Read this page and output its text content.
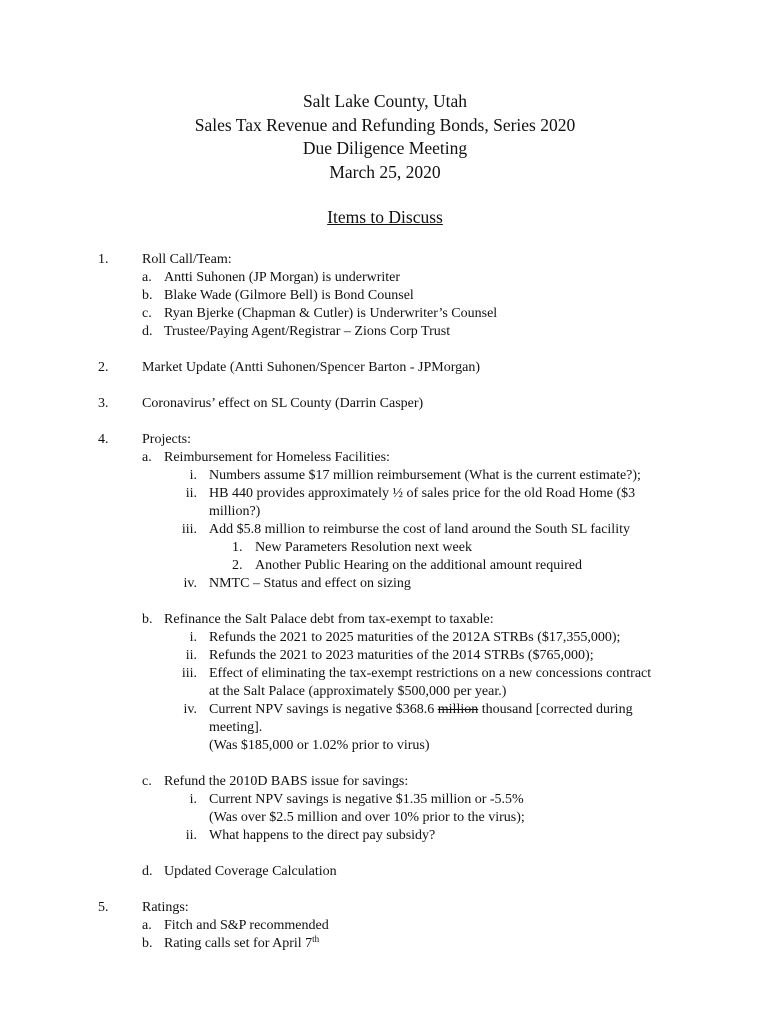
Salt Lake County, Utah
Sales Tax Revenue and Refunding Bonds, Series 2020
Due Diligence Meeting
March 25, 2020
Items to Discuss
1. Roll Call/Team:
a. Antti Suhonen (JP Morgan) is underwriter
b. Blake Wade (Gilmore Bell) is Bond Counsel
c. Ryan Bjerke (Chapman & Cutler) is Underwriter’s Counsel
d. Trustee/Paying Agent/Registrar – Zions Corp Trust
2. Market Update (Antti Suhonen/Spencer Barton - JPMorgan)
3. Coronavirus’ effect on SL County (Darrin Casper)
4. Projects:
a. Reimbursement for Homeless Facilities:
i. Numbers assume $17 million reimbursement (What is the current estimate?);
ii. HB 440 provides approximately ½ of sales price for the old Road Home ($3
million?)
iii. Add $5.8 million to reimburse the cost of land around the South SL facility
1. New Parameters Resolution next week
2. Another Public Hearing on the additional amount required
iv. NMTC – Status and effect on sizing
b. Refinance the Salt Palace debt from tax-exempt to taxable:
i. Refunds the 2021 to 2025 maturities of the 2012A STRBs ($17,355,000);
ii. Refunds the 2021 to 2023 maturities of the 2014 STRBs ($765,000);
iii. Effect of eliminating the tax-exempt restrictions on a new concessions contract
at the Salt Palace (approximately $500,000 per year.)
iv. Current NPV savings is negative $368.6 million thousand [corrected during
meeting].
(Was $185,000 or 1.02% prior to virus)
c. Refund the 2010D BABS issue for savings:
i. Current NPV savings is negative $1.35 million or -5.5%
(Was over $2.5 million and over 10% prior to the virus);
ii. What happens to the direct pay subsidy?
d. Updated Coverage Calculation
5. Ratings:
a. Fitch and S&P recommended
b. Rating calls set for April 7th
